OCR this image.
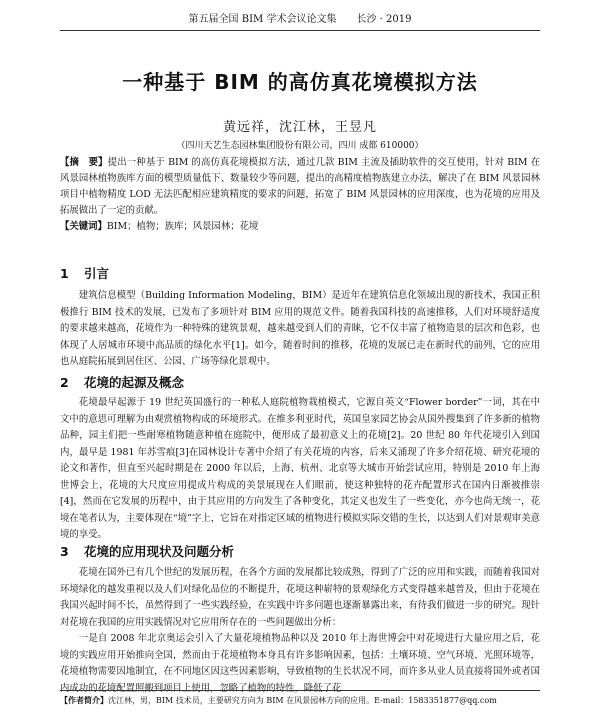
第五届全国 BIM 学术会议论文集　　长沙 · 2019
一种基于 BIM 的高仿真花境模拟方法
黄远祥，沈江林，王昱凡
（四川天艺生态园林集团股份有限公司，四川 成都 610000）

【摘　要】提出一种基于 BIM 的高仿真花境模拟方法，通过几款 BIM 主流及插助软件的交互使用，针对 BIM 在风景园林植物族库方面的模型质量低下、数量较少等问题，提出的高精度植物族建立办法，解决了在 BIM 风景园林项目中植物精度 LOD 无法匹配相应建筑精度的要求的问题，拓宽了 BIM 风景园林的应用深度，也为花境的应用及拓展做出了一定的贡献。

【关键词】BIM；植物；族库；风景园林；花境

1 引言

建筑信息模型（Building Information Modeling，BIM）是近年在建筑信息化领域出现的新技术，我国正积极推行 BIM 技术的发展，已发布了多项针对 BIM 应用的规范文件。随着我国科技的高速推移，人们对环境舒适度的要求越来越高，花境作为一种特殊的建筑景观，越来越受到人们的青睐，它不仅丰富了植物造景的层次和色彩，也体现了人居城市环境中高品质的绿化水平[1]。如今，随着时间的推移，花境的发展已走在新时代的前列，它的应用也从庭院拓展到居住区、公园、广场等绿化景观中。

2 花境的起源及概念

花境最早起源于 19 世纪英国盛行的一种私人庭院植物栽植模式，它源自英文“Flower border”一词，其在中文中的意思可理解为由观赏植物构成的环境形式。在维多利亚时代，英国皇家园艺协会从国外搜集到了许多新的植物品种，园主们把一些耐寒植物随意种植在庭院中，便形成了最初意义上的花境[2]。20 世纪 80 年代花境引入到国内，最早是 1981 年苏雪痕[3]在园林设计专著中介绍了有关花境的内容，后来又涌现了许多介绍花境、研究花境的论文和著作，但直至兴起时期是在 2000 年以后，上海、杭州、北京等大城市开始尝试应用，特别是 2010 年上海世博会上，花境的大尺度应用提成片构成的美景展现在人们眼前，使这种独特的花卉配置形式在国内日渐被推崇[4]，然而在它发展的历程中，由于其应用的方向发生了各种变化，其定义也发生了一些变化，亦今也尚无统一，花境在笔者认为，主要体现在“境”字上，它旨在对指定区域的植物进行模拟实际交错的生长，以达到人们对景观审美意境的享受。

3 花境的应用现状及问题分析

花境在国外已有几个世纪的发展历程，在各个方面的发展都比较成熟，得到了广泛的应用和实践，而随着我国对环境绿化的越发重视以及人们对绿化品位的不断提升，花境这种崭特的景观绿化方式变得越来越普及，但由于花境在我国兴起时间不长，虽然得到了一些实践经验，在实践中许多问题也逐渐暴露出来，有待我们做进一步的研究。现针对花境在我国的应用实践情况对它应用所存在的一些问题做出分析：

一是自 2008 年北京奥运会引入了大量花境植物品种以及 2010 年上海世博会中对花境进行大量应用之后，花境的实践应用开始推向全国，然而由于花境植物本身具有许多影响因素，包括：土壤环境、空气环境、光照环境等，花境植物需要因地制宜，在不同地区因这些因素影响，导致植物的生长状况不同，而许多从业人员直接将国外或者国内成功的花境配置照搬到项目上使用，忽略了植物的特性，降低了花

【作者简介】沈江林，男，BIM 技术员，主要研究方向为 BIM 在风景园林方向的应用。E-mail：1583351877@qq.com
